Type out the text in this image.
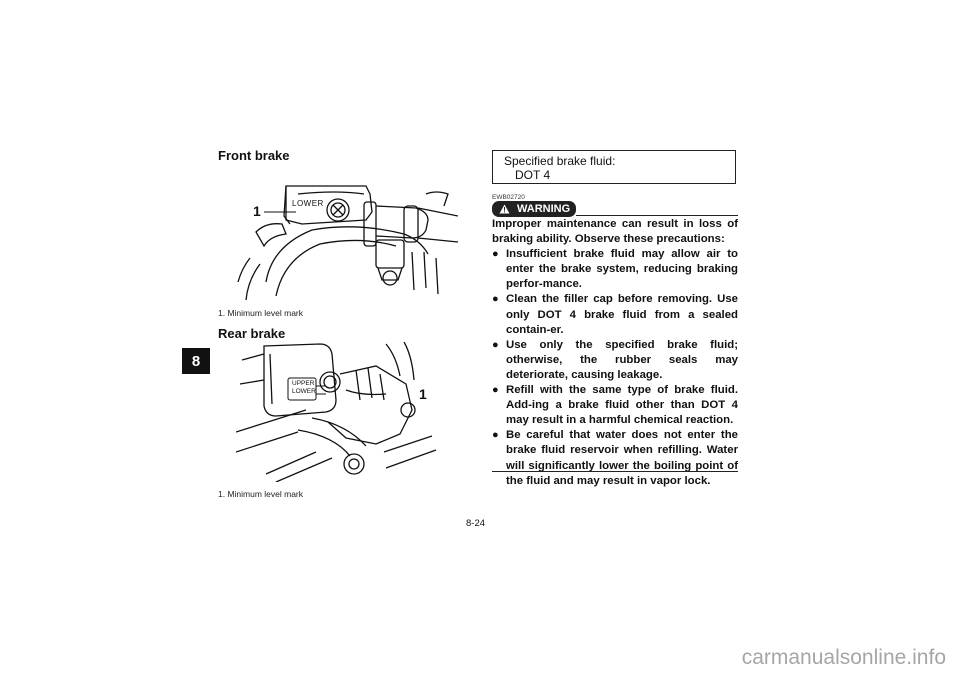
8
Front brake
1	LOWER
1. Minimum level mark
Rear brake
UPPER
LOWER	1
1. Minimum level mark
Specified brake fluid:
DOT 4
EWB02720
WARNING

Improper maintenance can result in loss of braking ability. Observe these precautions:

● Insufficient brake fluid may allow air to enter the brake system, reducing braking perfor-mance.
● Clean the filler cap before removing. Use only DOT 4 brake fluid from a sealed contain-er.
● Use only the specified brake fluid; otherwise, the rubber seals may deteriorate, causing leakage.
● Refill with the same type of brake fluid. Add-ing a brake fluid other than DOT 4 may result in a harmful chemical reaction.
● Be careful that water does not enter the brake fluid reservoir when refilling. Water will significantly lower the boiling point of the fluid and may result in vapor lock.
8-24
carmanualsonline.info
